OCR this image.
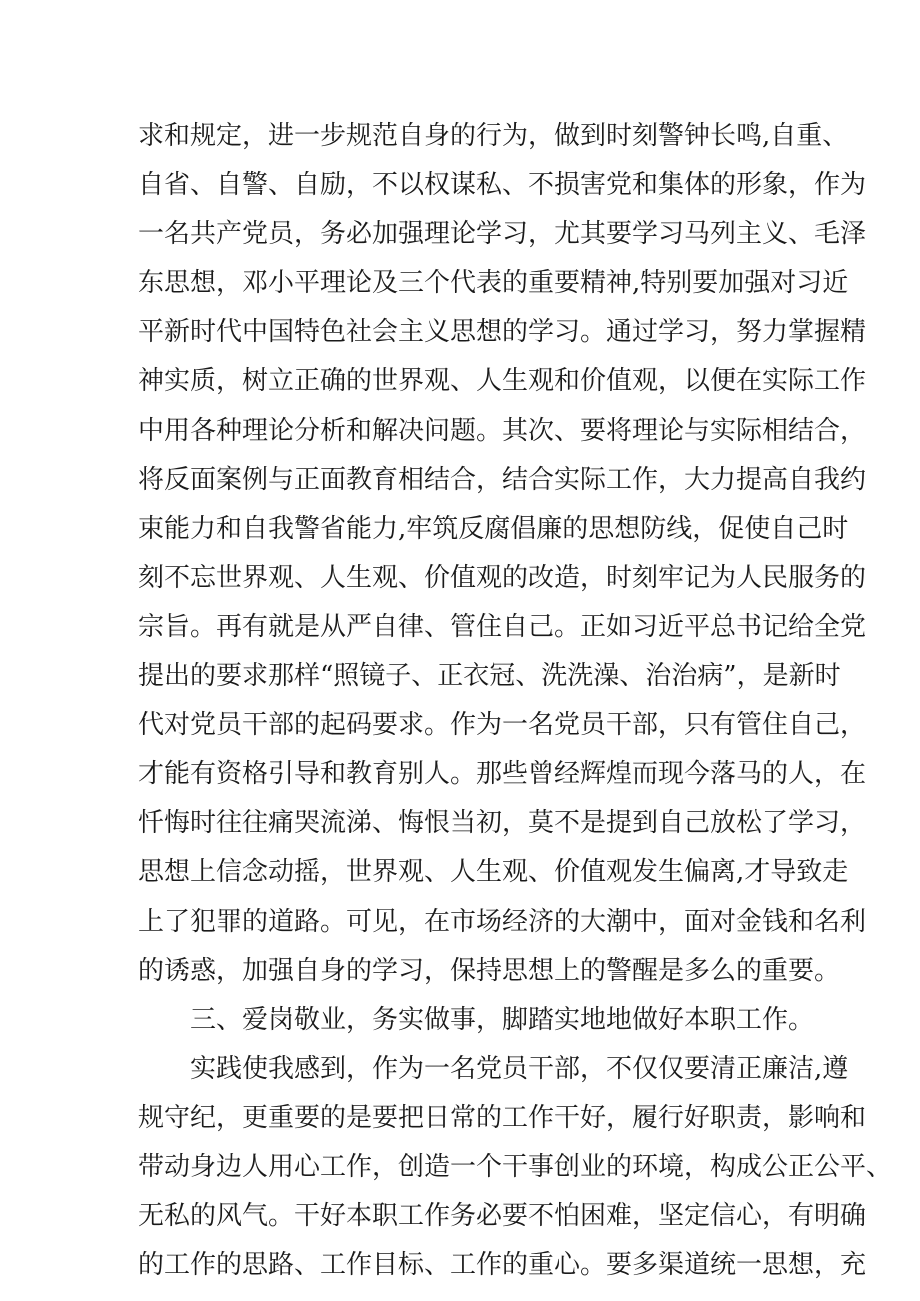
求和规定，进一步规范自身的行为，做到时刻警钟长鸣,自重、
自省、自警、自励，不以权谋私、不损害党和集体的形象，作为
一名共产党员，务必加强理论学习，尤其要学习马列主义、毛泽
东思想，邓小平理论及三个代表的重要精神,特别要加强对习近
平新时代中国特色社会主义思想的学习。通过学习，努力掌握精
神实质，树立正确的世界观、人生观和价值观，以便在实际工作
中用各种理论分析和解决问题。其次、要将理论与实际相结合，
将反面案例与正面教育相结合，结合实际工作，大力提高自我约
束能力和自我警省能力,牢筑反腐倡廉的思想防线，促使自己时
刻不忘世界观、人生观、价值观的改造，时刻牢记为人民服务的
宗旨。再有就是从严自律、管住自己。正如习近平总书记给全党
提出的要求那样“照镜子、正衣冠、洗洗澡、治治病”，是新时
代对党员干部的起码要求。作为一名党员干部，只有管住自己，
才能有资格引导和教育别人。那些曾经辉煌而现今落马的人，在
忏悔时往往痛哭流涕、悔恨当初，莫不是提到自己放松了学习，
思想上信念动摇，世界观、人生观、价值观发生偏离,才导致走
上了犯罪的道路。可见，在市场经济的大潮中，面对金钱和名利
的诱惑，加强自身的学习，保持思想上的警醒是多么的重要。
三、爱岗敬业，务实做事，脚踏实地地做好本职工作。
实践使我感到，作为一名党员干部，不仅仅要清正廉洁,遵
规守纪，更重要的是要把日常的工作干好，履行好职责，影响和
带动身边人用心工作，创造一个干事创业的环境，构成公正公平、
无私的风气。干好本职工作务必要不怕困难，坚定信心，有明确
的工作的思路、工作目标、工作的重心。要多渠道统一思想，充
